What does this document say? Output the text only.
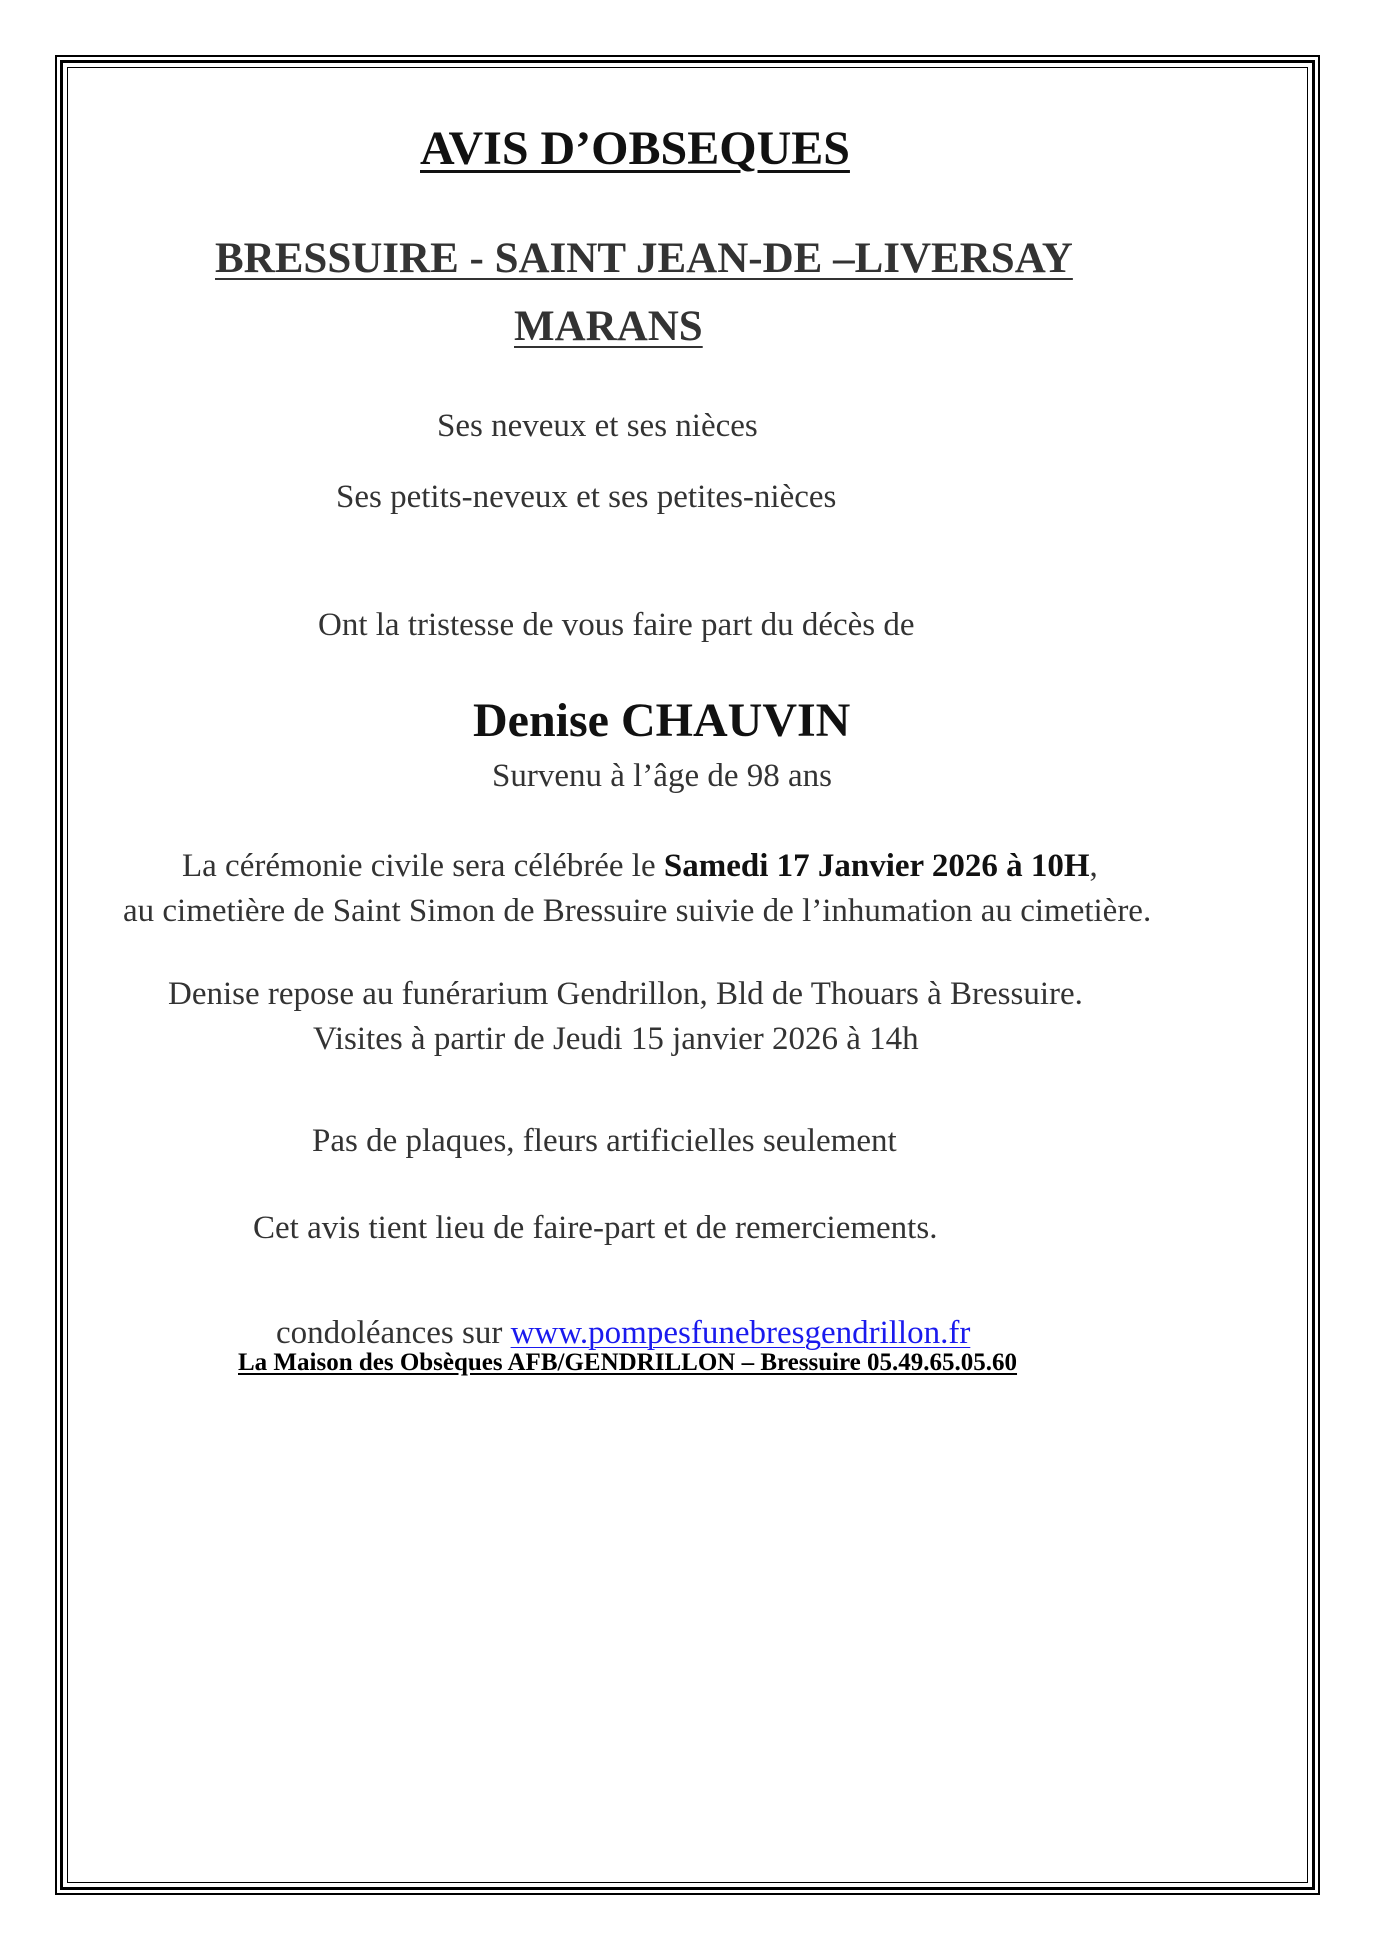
AVIS D’OBSEQUES
BRESSUIRE - SAINT JEAN-DE –LIVERSAY
MARANS
Ses neveux et ses nièces
Ses petits-neveux et ses petites-nièces
Ont la tristesse de vous faire part du décès de
Denise CHAUVIN
Survenu à l’âge de 98 ans
La cérémonie civile sera célébrée le Samedi 17 Janvier 2026 à 10H,
au cimetière de Saint Simon de Bressuire suivie de l’inhumation au cimetière.
Denise repose au funérarium Gendrillon, Bld de Thouars à Bressuire.
Visites à partir de Jeudi 15 janvier 2026 à 14h
Pas de plaques, fleurs artificielles seulement
Cet avis tient lieu de faire-part et de remerciements.
condoléances sur www.pompesfunebresgendrillon.fr
La Maison des Obsèques AFB/GENDRILLON – Bressuire 05.49.65.05.60
